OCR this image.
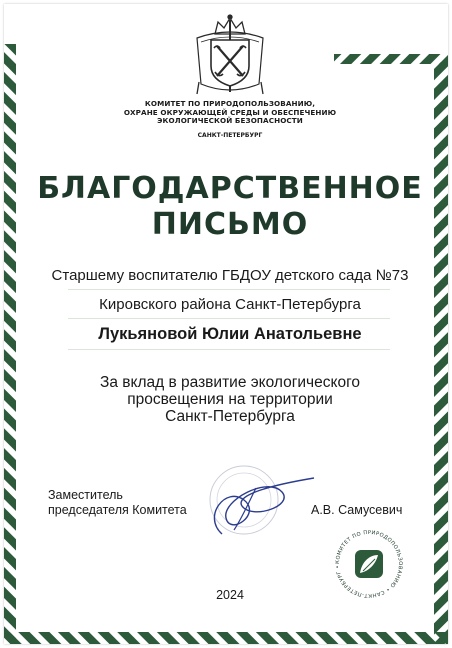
КОМИТЕТ ПО ПРИРОДОПОЛЬЗОВАНИЮ,
ОХРАНЕ ОКРУЖАЮЩЕЙ СРЕДЫ И ОБЕСПЕЧЕНИЮ
ЭКОЛОГИЧЕСКОЙ БЕЗОПАСНОСТИ
САНКТ-ПЕТЕРБУРГ
БЛАГОДАРСТВЕННОЕ
ПИСЬМО
Старшему воспитателю ГБДОУ детского сада №73
Кировского района Санкт-Петербурга
Лукьяновой Юлии Анатольевне
За вклад в развитие экологического
просвещения на территории
Санкт-Петербурга
Заместитель
председателя Комитета	А.В. Самусевич
КОМИТЕТ ПО ПРИРОДОПОЛЬЗОВАНИЮ • САНКТ-ПЕТЕРБУРГ •
2024
